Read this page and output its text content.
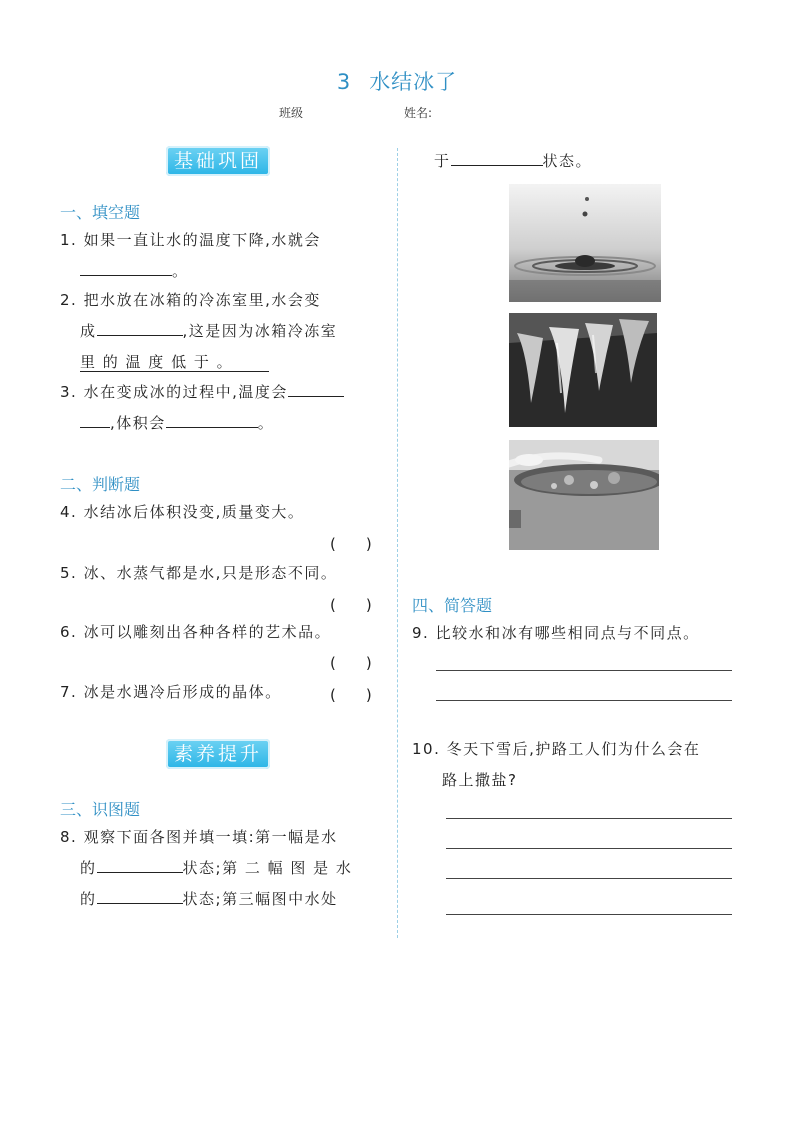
3 水结冰了
班级	姓名:
基础巩固
一、填空题
1. 如果一直让水的温度下降,水就会
。
2. 把水放在冰箱的冷冻室里,水会变
成	,这是因为冰箱冷冻室
里 的 温 度 低 于 。
3. 水在变成冰的过程中,温度会
,体积会	。
二、判断题
4. 水结冰后体积没变,质量变大。
(　　)
5. 冰、水蒸气都是水,只是形态不同。
(　　)
6. 冰可以雕刻出各种各样的艺术品。
(　　)
7. 冰是水遇冷后形成的晶体。	(　　)
素养提升
三、识图题
8. 观察下面各图并填一填:第一幅是水
的	状态;第 二 幅 图 是 水
的	状态;第三幅图中水处
于	状态。
四、简答题
9. 比较水和冰有哪些相同点与不同点。
10. 冬天下雪后,护路工人们为什么会在
路上撒盐?
